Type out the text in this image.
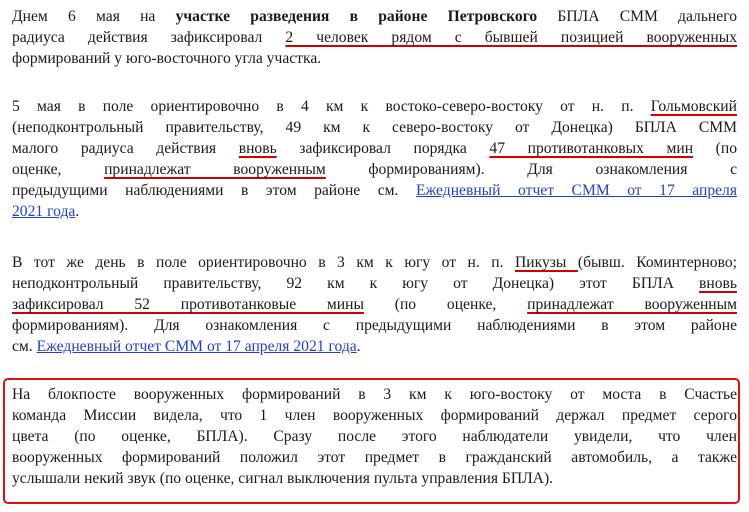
Днем 6 мая на участке разведения в районе Петровского БПЛА СММ дальнего
радиуса действия зафиксировал 2 человек рядом с бывшей позицией вооруженных
формирований у юго-восточного угла участка.
5 мая в поле ориентировочно в 4 км к востоко-северо-востоку от н. п. Гольмовский
(неподконтрольный правительству, 49 км к северо-востоку от Донецка) БПЛА СММ
малого радиуса действия вновь зафиксировал порядка 47 противотанковых мин (по
оценке, принадлежат вооруженным формированиям). Для ознакомления с
предыдущими наблюдениями в этом районе см. Ежедневный отчет СММ от 17 апреля
2021 года.
В тот же день в поле ориентировочно в 3 км к югу от н. п. Пикузы (бывш. Коминтерново;
неподконтрольный правительству, 92 км к югу от Донецка) этот БПЛА вновь
зафиксировал 52 противотанковые мины (по оценке, принадлежат вооруженным
формированиям). Для ознакомления с предыдущими наблюдениями в этом районе
см. Ежедневный отчет СММ от 17 апреля 2021 года.
На блокпосте вооруженных формирований в 3 км к юго-востоку от моста в Счастье
команда Миссии видела, что 1 член вооруженных формирований держал предмет серого
цвета (по оценке, БПЛА). Сразу после этого наблюдатели увидели, что член
вооруженных формирований положил этот предмет в гражданский автомобиль, а также
услышали некий звук (по оценке, сигнал выключения пульта управления БПЛА).
